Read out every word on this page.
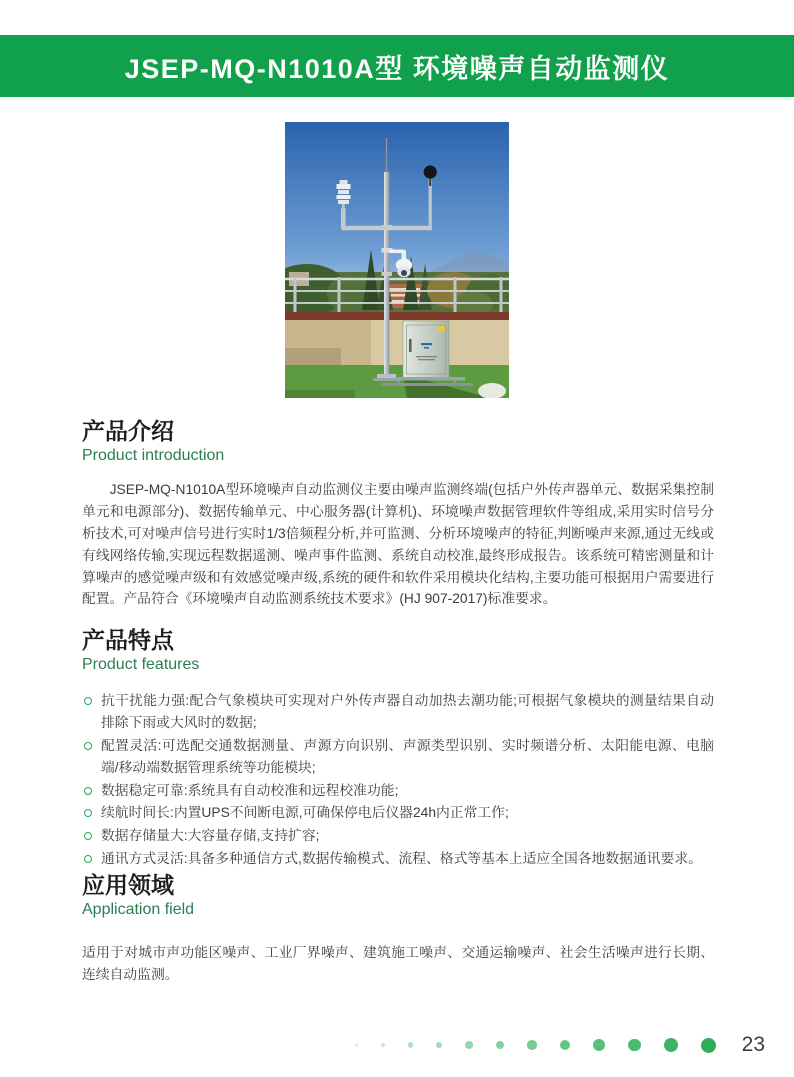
JSEP-MQ-N1010A型 环境噪声自动监测仪
产品介绍
Product introduction

JSEP-MQ-N1010A型环境噪声自动监测仪主要由噪声监测终端(包括户外传声器单元、数据采集控制单元和电源部分)、数据传输单元、中心服务器(计算机)、环境噪声数据管理软件等组成,采用实时信号分析技术,可对噪声信号进行实时1/3倍频程分析,并可监测、分析环境噪声的特征,判断噪声来源,通过无线或有线网络传输,实现远程数据遥测、噪声事件监测、系统自动校准,最终形成报告。该系统可精密测量和计算噪声的感觉噪声级和有效感觉噪声级,系统的硬件和软件采用模块化结构,主要功能可根据用户需要进行配置。产品符合《环境噪声自动监测系统技术要求》(HJ 907-2017)标准要求。

产品特点
Product features
抗干扰能力强:配合气象模块可实现对户外传声器自动加热去潮功能;可根据气象模块的测量结果自动排除下雨或大风时的数据;
配置灵活:可选配交通数据测量、声源方向识别、声源类型识别、实时频谱分析、太阳能电源、电脑端/移动端数据管理系统等功能模块;
数据稳定可靠:系统具有自动校准和远程校准功能;
续航时间长:内置UPS不间断电源,可确保停电后仪器24h内正常工作;
数据存储量大:大容量存储,支持扩容;
通讯方式灵活:具备多种通信方式,数据传输模式、流程、格式等基本上适应全国各地数据通讯要求。
应用领域
Application field

适用于对城市声功能区噪声、工业厂界噪声、建筑施工噪声、交通运输噪声、社会生活噪声进行长期、连续自动监测。

23
